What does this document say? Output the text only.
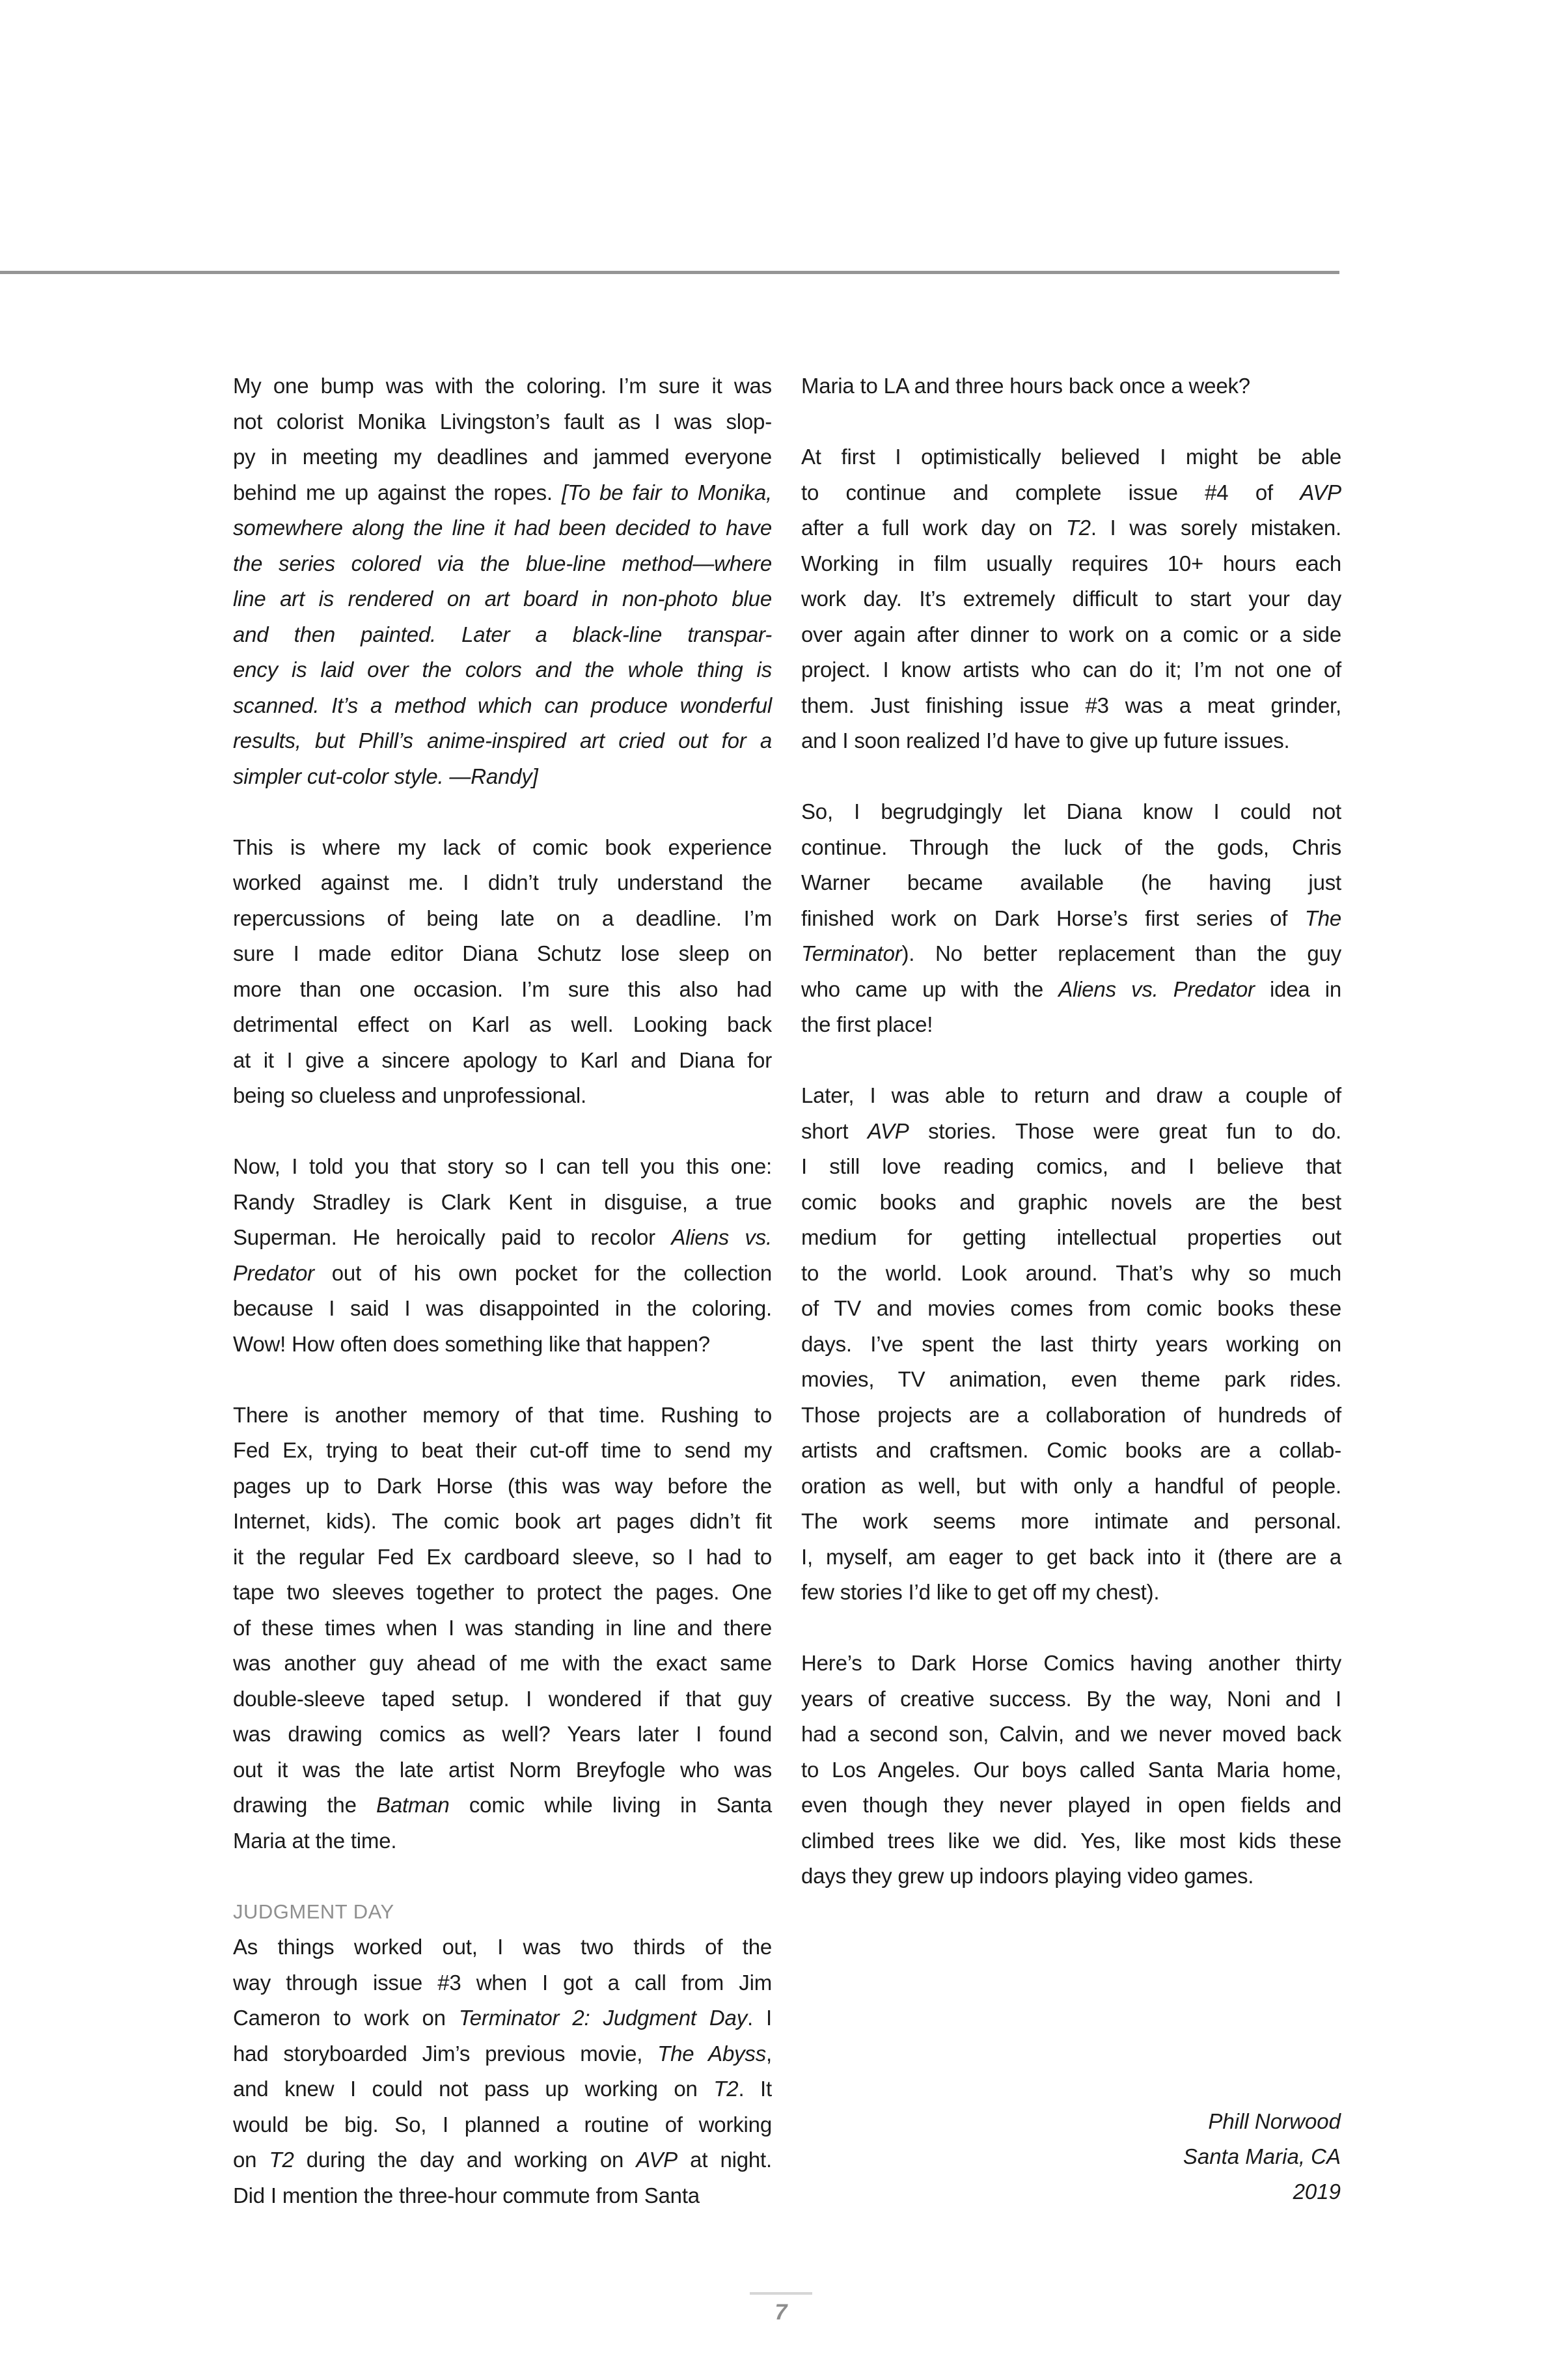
My one bump was with the coloring. I’m sure it was
not colorist Monika Livingston’s fault as I was slop-
py in meeting my deadlines and jammed everyone
behind me up against the ropes. [To be fair to Monika,
somewhere along the line it had been decided to have
the series colored via the blue-line method—where
line art is rendered on art board in non-photo blue
and then painted. Later a black-line transpar-
ency is laid over the colors and the whole thing is
scanned. It’s a method which can produce wonderful
results, but Phill’s anime-inspired art cried out for a
simpler cut-color style. —Randy]
This is where my lack of comic book experience
worked against me. I didn’t truly understand the
repercussions of being late on a deadline. I’m
sure I made editor Diana Schutz lose sleep on
more than one occasion. I’m sure this also had
detrimental effect on Karl as well. Looking back
at it I give a sincere apology to Karl and Diana for
being so clueless and unprofessional.
Now, I told you that story so I can tell you this one:
Randy Stradley is Clark Kent in disguise, a true
Superman. He heroically paid to recolor Aliens vs.
Predator out of his own pocket for the collection
because I said I was disappointed in the coloring.
Wow! How often does something like that happen?
There is another memory of that time. Rushing to
Fed Ex, trying to beat their cut-off time to send my
pages up to Dark Horse (this was way before the
Internet, kids). The comic book art pages didn’t fit
it the regular Fed Ex cardboard sleeve, so I had to
tape two sleeves together to protect the pages. One
of these times when I was standing in line and there
was another guy ahead of me with the exact same
double-sleeve taped setup. I wondered if that guy
was drawing comics as well? Years later I found
out it was the late artist Norm Breyfogle who was
drawing the Batman comic while living in Santa
Maria at the time.
JUDGMENT DAY
As things worked out, I was two thirds of the
way through issue #3 when I got a call from Jim
Cameron to work on Terminator 2: Judgment Day. I
had storyboarded Jim’s previous movie, The Abyss,
and knew I could not pass up working on T2. It
would be big. So, I planned a routine of working
on T2 during the day and working on AVP at night.
Did I mention the three-hour commute from Santa
Maria to LA and three hours back once a week?
At first I optimistically believed I might be able
to continue and complete issue #4 of AVP
after a full work day on T2. I was sorely mistaken.
Working in film usually requires 10+ hours each
work day. It’s extremely difficult to start your day
over again after dinner to work on a comic or a side
project. I know artists who can do it; I’m not one of
them. Just finishing issue #3 was a meat grinder,
and I soon realized I’d have to give up future issues.
So, I begrudgingly let Diana know I could not
continue. Through the luck of the gods, Chris
Warner became available (he having just
finished work on Dark Horse’s first series of The
Terminator). No better replacement than the guy
who came up with the Aliens vs. Predator idea in
the first place!
Later, I was able to return and draw a couple of
short AVP stories. Those were great fun to do.
I still love reading comics, and I believe that
comic books and graphic novels are the best
medium for getting intellectual properties out
to the world. Look around. That’s why so much
of TV and movies comes from comic books these
days. I’ve spent the last thirty years working on
movies, TV animation, even theme park rides.
Those projects are a collaboration of hundreds of
artists and craftsmen. Comic books are a collab-
oration as well, but with only a handful of people.
The work seems more intimate and personal.
I, myself, am eager to get back into it (there are a
few stories I’d like to get off my chest).
Here’s to Dark Horse Comics having another thirty
years of creative success. By the way, Noni and I
had a second son, Calvin, and we never moved back
to Los Angeles. Our boys called Santa Maria home,
even though they never played in open fields and
climbed trees like we did. Yes, like most kids these
days they grew up indoors playing video games.
Phill Norwood
Santa Maria, CA
2019
7
